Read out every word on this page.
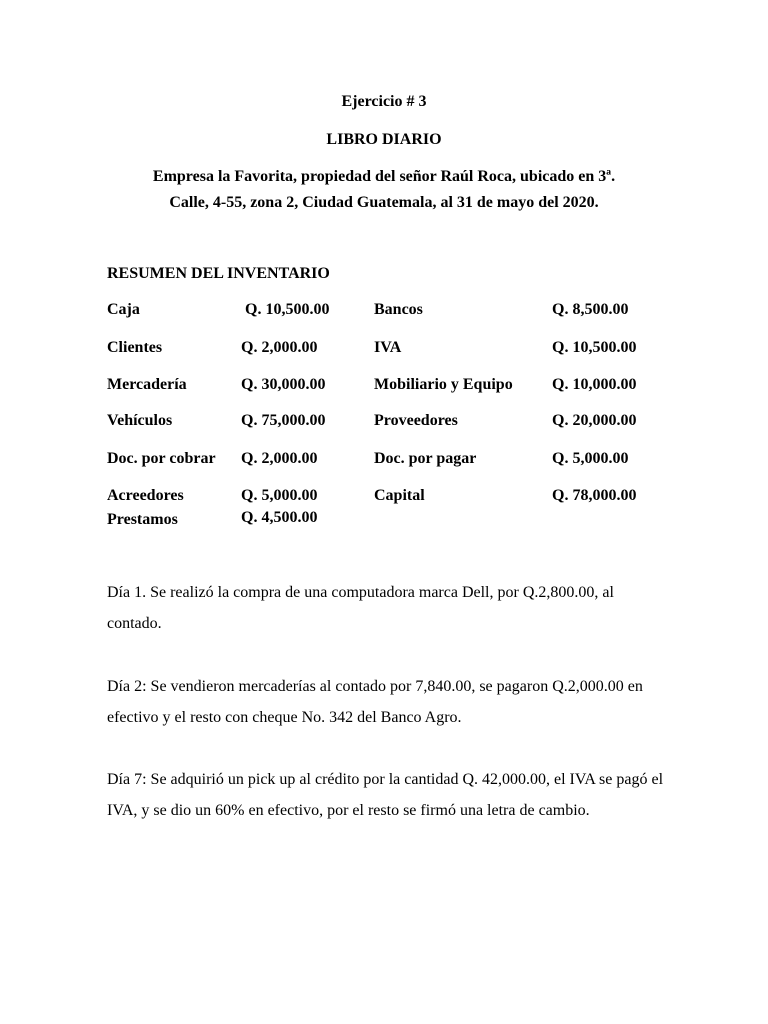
Ejercicio # 3
LIBRO DIARIO
Empresa la Favorita, propiedad del señor Raúl Roca, ubicado en 3ª.
Calle, 4-55, zona 2, Ciudad Guatemala, al 31 de mayo del 2020.
RESUMEN DEL INVENTARIO
Caja	Q. 10,500.00	Bancos	Q. 8,500.00
Clientes	Q. 2,000.00	IVA	Q. 10,500.00
Mercadería	Q. 30,000.00	Mobiliario y Equipo Q. 10,000.00
Vehículos	Q. 75,000.00	Proveedores	Q. 20,000.00
Doc. por cobrar Q. 2,000.00	Doc. por pagar	Q. 5,000.00
Acreedores	Q. 5,000.00	Capital	Q. 78,000.00
Prestamos	Q. 4,500.00
Día 1. Se realizó la compra de una computadora marca Dell, por Q.2,800.00, al contado.
Día 2: Se vendieron mercaderías al contado por 7,840.00, se pagaron Q.2,000.00 en efectivo y el resto con cheque No. 342 del Banco Agro.
Día 7: Se adquirió un pick up al crédito por la cantidad Q. 42,000.00, el IVA se pagó el IVA, y se dio un 60% en efectivo, por el resto se firmó una letra de cambio.
